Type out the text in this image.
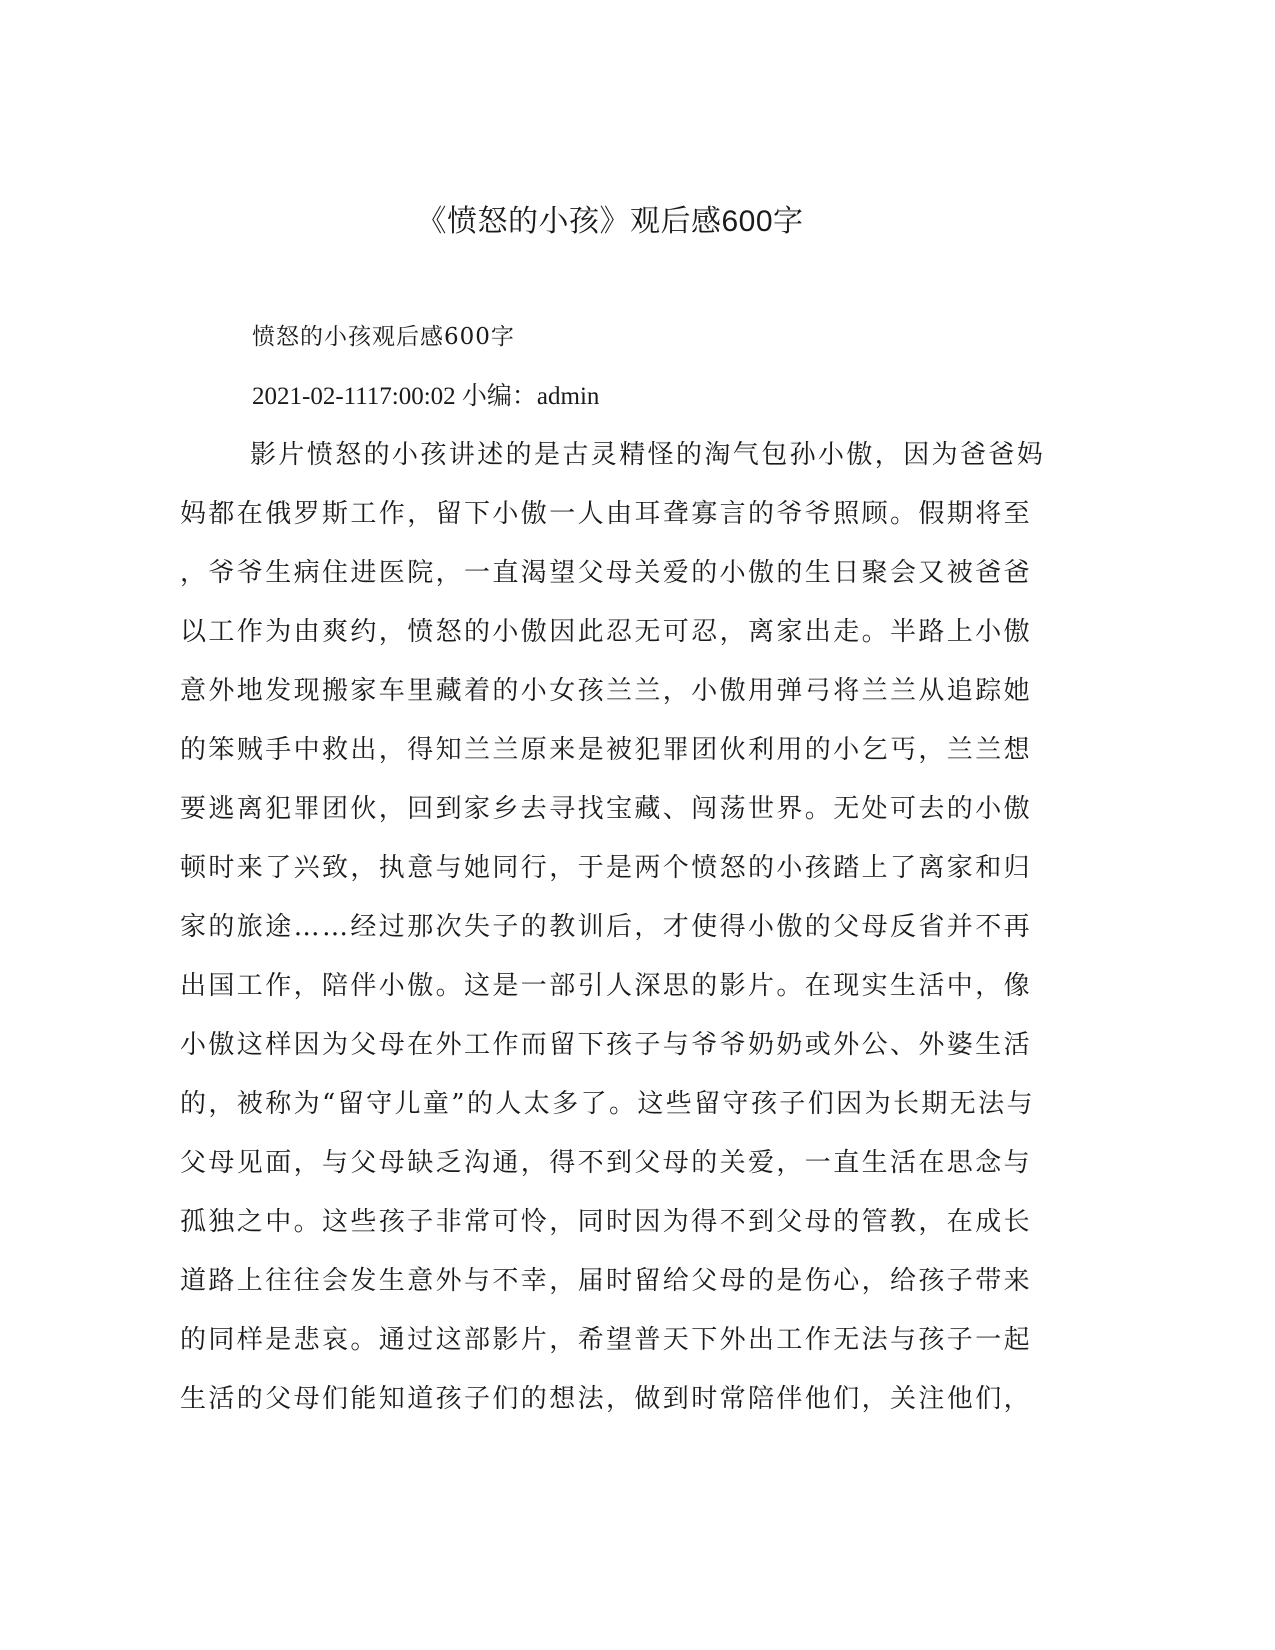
《愤怒的小孩》观后感600字
愤怒的小孩观后感600字
2021-02-1117:00:02 小编：admin
影片愤怒的小孩讲述的是古灵精怪的淘气包孙小傲，因为爸爸妈
妈都在俄罗斯工作，留下小傲一人由耳聋寡言的爷爷照顾。假期将至
，爷爷生病住进医院，一直渴望父母关爱的小傲的生日聚会又被爸爸
以工作为由爽约，愤怒的小傲因此忍无可忍，离家出走。半路上小傲
意外地发现搬家车里藏着的小女孩兰兰，小傲用弹弓将兰兰从追踪她
的笨贼手中救出，得知兰兰原来是被犯罪团伙利用的小乞丐，兰兰想
要逃离犯罪团伙，回到家乡去寻找宝藏、闯荡世界。无处可去的小傲
顿时来了兴致，执意与她同行，于是两个愤怒的小孩踏上了离家和归
家的旅途……经过那次失子的教训后，才使得小傲的父母反省并不再
出国工作，陪伴小傲。这是一部引人深思的影片。在现实生活中，像
小傲这样因为父母在外工作而留下孩子与爷爷奶奶或外公、外婆生活
的，被称为“留守儿童”的人太多了。这些留守孩子们因为长期无法与
父母见面，与父母缺乏沟通，得不到父母的关爱，一直生活在思念与
孤独之中。这些孩子非常可怜，同时因为得不到父母的管教，在成长
道路上往往会发生意外与不幸，届时留给父母的是伤心，给孩子带来
的同样是悲哀。通过这部影片，希望普天下外出工作无法与孩子一起
生活的父母们能知道孩子们的想法，做到时常陪伴他们，关注他们，
